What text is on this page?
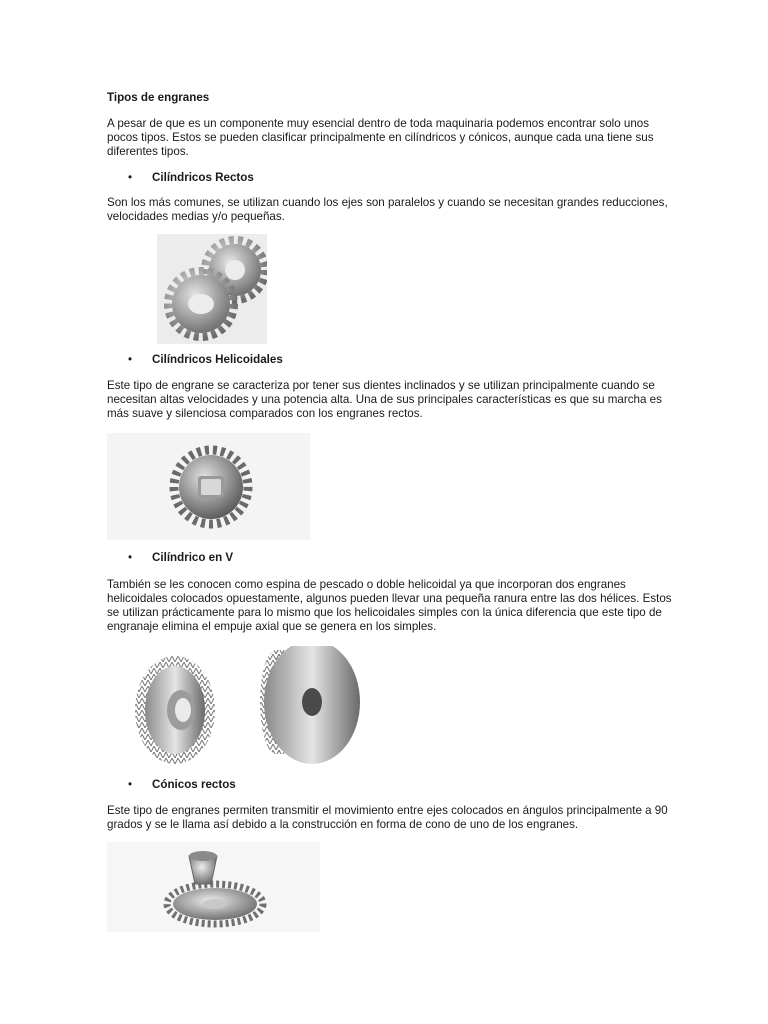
Tipos de engranes

A pesar de que es un componente muy esencial dentro de toda maquinaria podemos encontrar solo unos

pocos tipos. Estos se pueden clasificar principalmente en cilíndricos y cónicos, aunque cada una tiene sus

diferentes tipos.

• Cilíndricos Rectos

Son los más comunes, se utilizan cuando los ejes son paralelos y cuando se necesitan grandes reducciones,

velocidades medias y/o pequeñas.

• Cilíndricos Helicoidales

Este tipo de engrane se caracteriza por tener sus dientes inclinados y se utilizan principalmente cuando se

necesitan altas velocidades y una potencia alta. Una de sus principales características es que su marcha es

más suave y silenciosa comparados con los engranes rectos.

• Cilíndrico en V

También se les conocen como espina de pescado o doble helicoidal ya que incorporan dos engranes

helicoidales colocados opuestamente, algunos pueden llevar una pequeña ranura entre las dos hélices. Estos

se utilizan prácticamente para lo mismo que los helicoidales simples con la única diferencia que este tipo de

engranaje elimina el empuje axial que se genera en los simples.

• Cónicos rectos

Este tipo de engranes permiten transmitir el movimiento entre ejes colocados en ángulos principalmente a 90

grados y se le llama así debido a la construcción en forma de cono de uno de los engranes.
